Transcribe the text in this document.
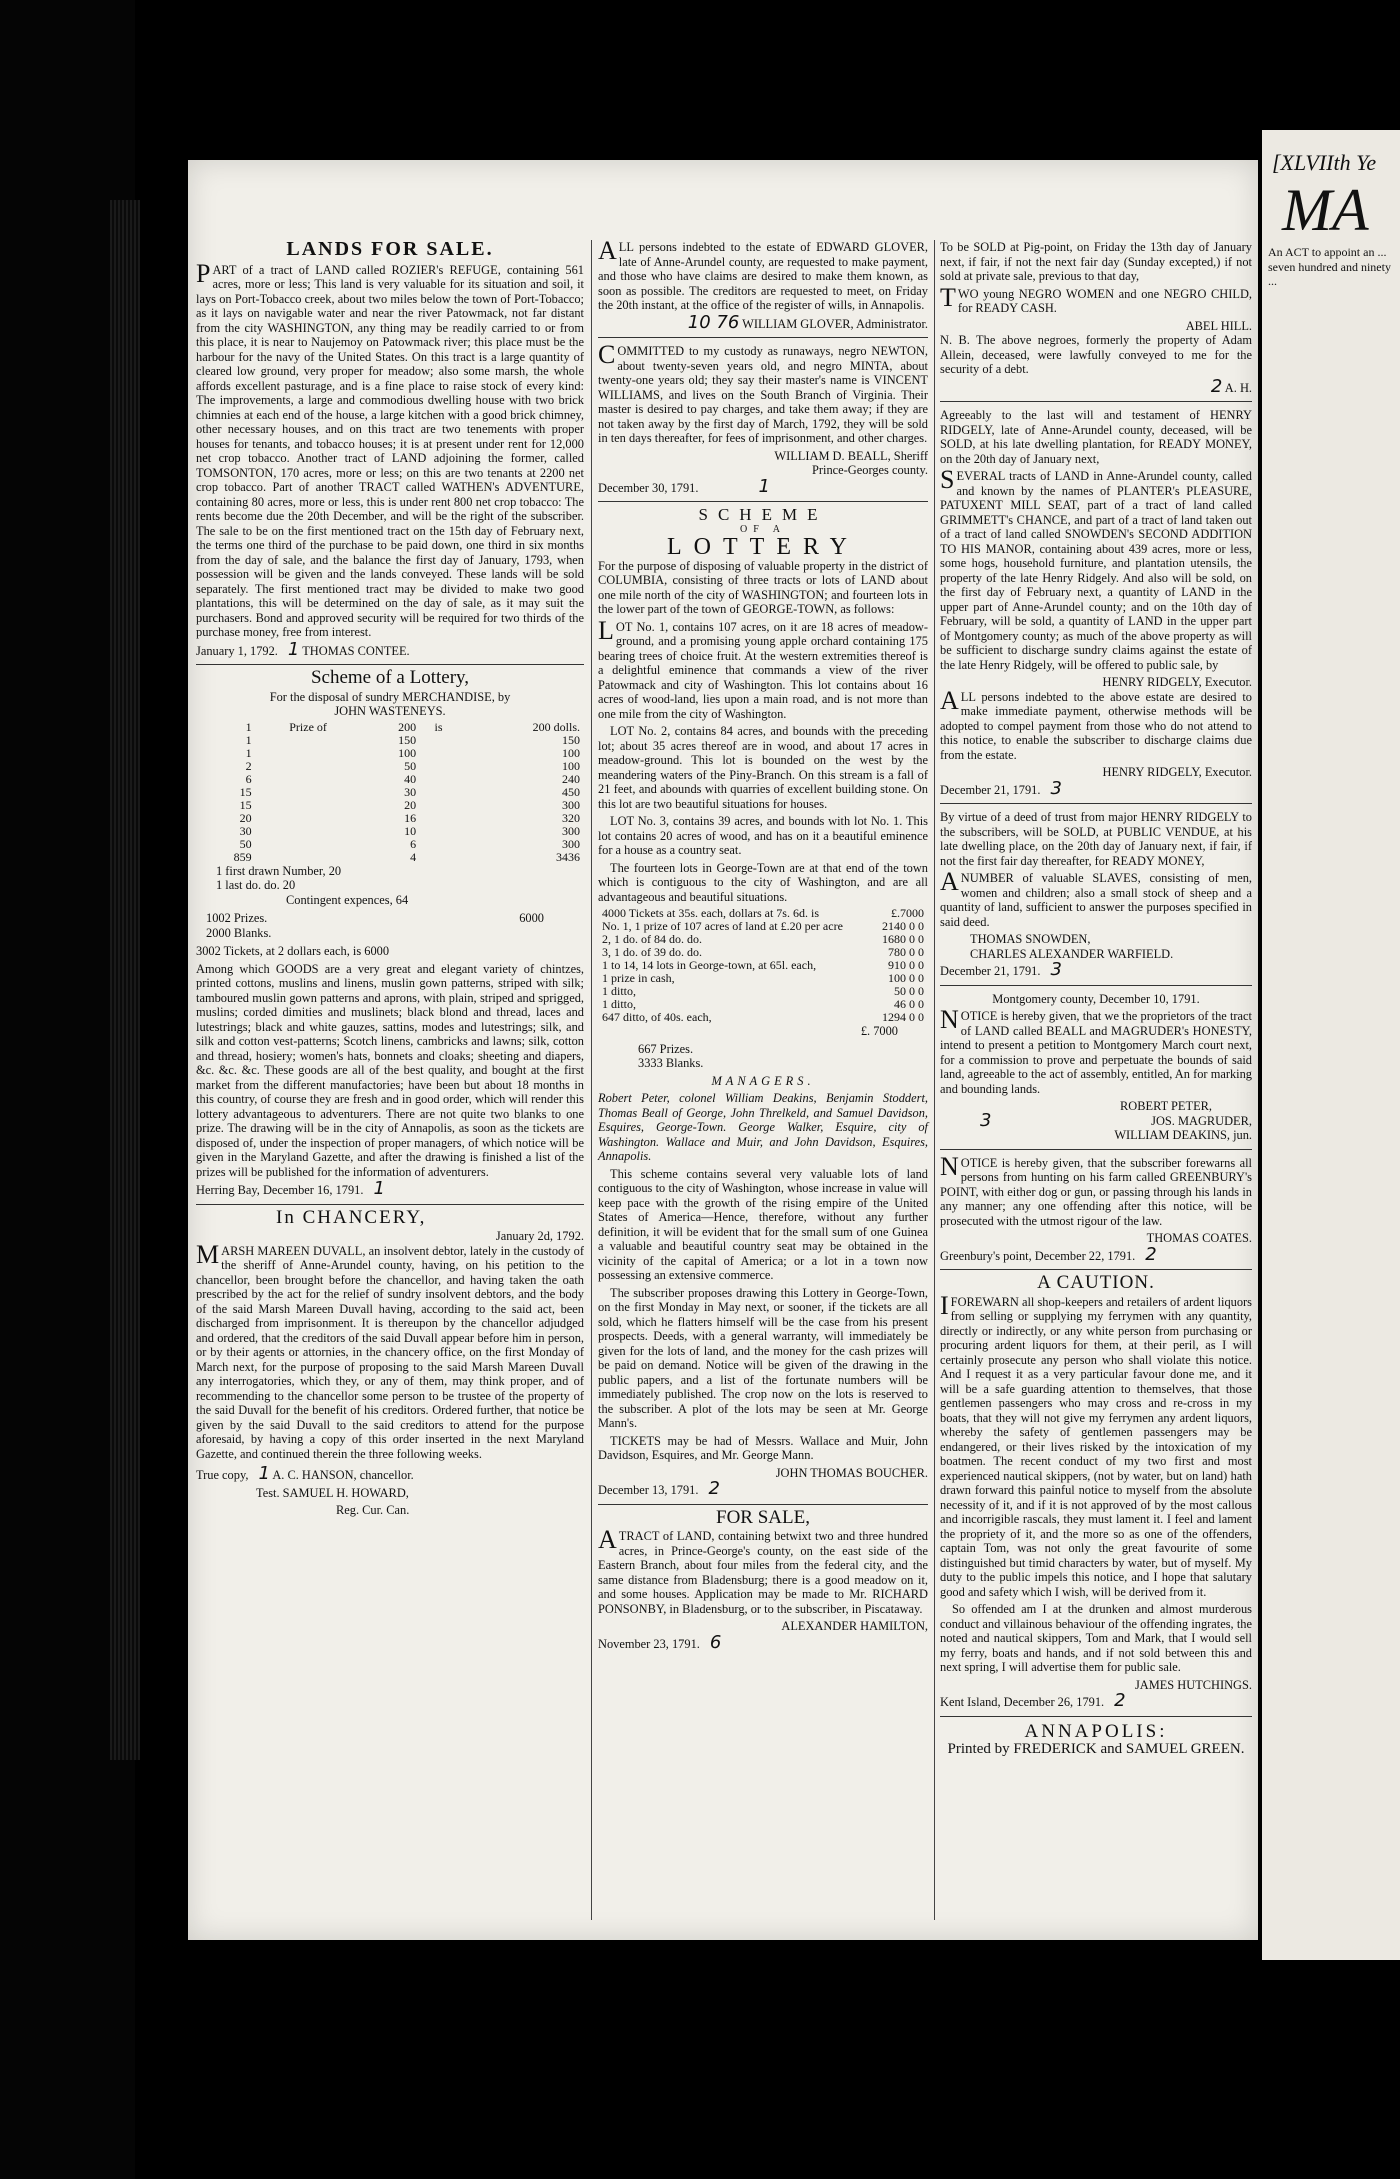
LANDS FOR SALE.

PART of a tract of LAND called ROZIER's REFUGE, containing 561 acres, more or less; This land is very valuable for its situation and soil, it lays on Port-Tobacco creek, about two miles below the town of Port-Tobacco; as it lays on navigable water and near the river Patowmack, not far distant from the city WASHINGTON, any thing may be readily carried to or from this place, it is near to Naujemoy on Patowmack river; this place must be the harbour for the navy of the United States. On this tract is a large quantity of cleared low ground, very proper for meadow; also some marsh, the whole affords excellent pasturage, and is a fine place to raise stock of every kind: The improvements, a large and commodious dwelling house with two brick chimnies at each end of the house, a large kitchen with a good brick chimney, other necessary houses, and on this tract are two tenements with proper houses for tenants, and tobacco houses; it is at present under rent for 12,000 net crop tobacco. Another tract of LAND adjoining the former, called TOMSONTON, 170 acres, more or less; on this are two tenants at 2200 net crop tobacco. Part of another TRACT called WATHEN's ADVENTURE, containing 80 acres, more or less, this is under rent 800 net crop tobacco: The rents become due the 20th December, and will be the right of the subscriber. The sale to be on the first mentioned tract on the 15th day of February next, the terms one third of the purchase to be paid down, one third in six months from the day of sale, and the balance the first day of January, 1793, when possession will be given and the lands conveyed. These lands will be sold separately. The first mentioned tract may be divided to make two good plantations, this will be determined on the day of sale, as it may suit the purchasers. Bond and approved security will be required for two thirds of the purchase money, free from interest.

January 1, 1792. 1 THOMAS CONTEE.

Scheme of a Lottery,

For the disposal of sundry MERCHANDISE, by

JOHN WASTENEYS.

1	Prize of	200	is	200 dolls.
1		150		150
1		100		100
2		50		100
6		40		240
15		30		450
15		20		300
20		16		320
30		10		300
50		6		300
859		4		3436

1 first drawn Number, 20

1 last do. do. 20

Contingent expences, 64

1002 Prizes.	6000

2000 Blanks.

3002 Tickets, at 2 dollars each, is 6000

Among which GOODS are a very great and elegant variety of chintzes, printed cottons, muslins and linens, muslin gown patterns, striped with silk; tamboured muslin gown patterns and aprons, with plain, striped and sprigged, muslins; corded dimities and muslinets; black blond and thread, laces and lutestrings; black and white gauzes, sattins, modes and lutestrings; silk, and silk and cotton vest-patterns; Scotch linens, cambricks and lawns; silk, cotton and thread, hosiery; women's hats, bonnets and cloaks; sheeting and diapers, &c. &c. &c. These goods are all of the best quality, and bought at the first market from the different manufactories; have been but about 18 months in this country, of course they are fresh and in good order, which will render this lottery advantageous to adventurers. There are not quite two blanks to one prize. The drawing will be in the city of Annapolis, as soon as the tickets are disposed of, under the inspection of proper managers, of which notice will be given in the Maryland Gazette, and after the drawing is finished a list of the prizes will be published for the information of adventurers.

Herring Bay, December 16, 1791. 1

In CHANCERY,

January 2d, 1792.

MARSH MAREEN DUVALL, an insolvent debtor, lately in the custody of the sheriff of Anne-Arundel county, having, on his petition to the chancellor, been brought before the chancellor, and having taken the oath prescribed by the act for the relief of sundry insolvent debtors, and the body of the said Marsh Mareen Duvall having, according to the said act, been discharged from imprisonment. It is thereupon by the chancellor adjudged and ordered, that the creditors of the said Duvall appear before him in person, or by their agents or attornies, in the chancery office, on the first Monday of March next, for the purpose of proposing to the said Marsh Mareen Duvall any interrogatories, which they, or any of them, may think proper, and of recommending to the chancellor some person to be trustee of the property of the said Duvall for the benefit of his creditors. Ordered further, that notice be given by the said Duvall to the said creditors to attend for the purpose aforesaid, by having a copy of this order inserted in the next Maryland Gazette, and continued therein the three following weeks.

True copy, 1 A. C. HANSON, chancellor.

Test. SAMUEL H. HOWARD,

Reg. Cur. Can.

ALL persons indebted to the estate of EDWARD GLOVER, late of Anne-Arundel county, are requested to make payment, and those who have claims are desired to make them known, as soon as possible. The creditors are requested to meet, on Friday the 20th instant, at the office of the register of wills, in Annapolis.

10 76 WILLIAM GLOVER, Administrator.

COMMITTED to my custody as runaways, negro NEWTON, about twenty-seven years old, and negro MINTA, about twenty-one years old; they say their master's name is VINCENT WILLIAMS, and lives on the South Branch of Virginia. Their master is desired to pay charges, and take them away; if they are not taken away by the first day of March, 1792, they will be sold in ten days thereafter, for fees of imprisonment, and other charges.

WILLIAM D. BEALL, Sheriff

Prince-Georges county.

December 30, 1791.	1

SCHEME

OF A

LOTTERY

For the purpose of disposing of valuable property in the district of COLUMBIA, consisting of three tracts or lots of LAND about one mile north of the city of WASHINGTON; and fourteen lots in the lower part of the town of GEORGE-TOWN, as follows:

LOT No. 1, contains 107 acres, on it are 18 acres of meadow-ground, and a promising young apple orchard containing 175 bearing trees of choice fruit. At the western extremities thereof is a delightful eminence that commands a view of the river Patowmack and city of Washington. This lot contains about 16 acres of wood-land, lies upon a main road, and is not more than one mile from the city of Washington.

LOT No. 2, contains 84 acres, and bounds with the preceding lot; about 35 acres thereof are in wood, and about 17 acres in meadow-ground. This lot is bounded on the west by the meandering waters of the Piny-Branch. On this stream is a fall of 21 feet, and abounds with quarries of excellent building stone. On this lot are two beautiful situations for houses.

LOT No. 3, contains 39 acres, and bounds with lot No. 1. This lot contains 20 acres of wood, and has on it a beautiful eminence for a house as a country seat.

The fourteen lots in George-Town are at that end of the town which is contiguous to the city of Washington, and are all advantageous and beautiful situations.

4000 Tickets at 35s. each, dollars at 7s. 6d. is	£.7000
No. 1, 1 prize of 107 acres of land at £.20 per acre	2140 0 0
2, 1 do. of 84 do. do.	1680 0 0
3, 1 do. of 39 do. do.	780 0 0
1 to 14, 14 lots in George-town, at 65l. each,	910 0 0
1 prize in cash,	100 0 0
1 ditto,	50 0 0
1 ditto,	46 0 0
647 ditto, of 40s. each,	1294 0 0

£. 7000

667 Prizes.

3333 Blanks.

MANAGERS.

Robert Peter, colonel William Deakins, Benjamin Stoddert, Thomas Beall of George, John Threlkeld, and Samuel Davidson, Esquires, George-Town. George Walker, Esquire, city of Washington. Wallace and Muir, and John Davidson, Esquires, Annapolis.

This scheme contains several very valuable lots of land contiguous to the city of Washington, whose increase in value will keep pace with the growth of the rising empire of the United States of America—Hence, therefore, without any further definition, it will be evident that for the small sum of one Guinea a valuable and beautiful country seat may be obtained in the vicinity of the capital of America; or a lot in a town now possessing an extensive commerce.

The subscriber proposes drawing this Lottery in George-Town, on the first Monday in May next, or sooner, if the tickets are all sold, which he flatters himself will be the case from his present prospects. Deeds, with a general warranty, will immediately be given for the lots of land, and the money for the cash prizes will be paid on demand. Notice will be given of the drawing in the public papers, and a list of the fortunate numbers will be immediately published. The crop now on the lots is reserved to the subscriber. A plot of the lots may be seen at Mr. George Mann's.

TICKETS may be had of Messrs. Wallace and Muir, John Davidson, Esquires, and Mr. George Mann.

JOHN THOMAS BOUCHER.

December 13, 1791. 2

FOR SALE,

ATRACT of LAND, containing betwixt two and three hundred acres, in Prince-George's county, on the east side of the Eastern Branch, about four miles from the federal city, and the same distance from Bladensburg; there is a good meadow on it, and some houses. Application may be made to Mr. RICHARD PONSONBY, in Bladensburg, or to the subscriber, in Piscataway.

ALEXANDER HAMILTON,

November 23, 1791. 6

To be SOLD at Pig-point, on Friday the 13th day of January next, if fair, if not the next fair day (Sunday excepted,) if not sold at private sale, previous to that day,

TWO young NEGRO WOMEN and one NEGRO CHILD, for READY CASH.

ABEL HILL.

N. B. The above negroes, formerly the property of Adam Allein, deceased, were lawfully conveyed to me for the security of a debt.

2 A. H.

Agreeably to the last will and testament of HENRY RIDGELY, late of Anne-Arundel county, deceased, will be SOLD, at his late dwelling plantation, for READY MONEY, on the 20th day of January next,

SEVERAL tracts of LAND in Anne-Arundel county, called and known by the names of PLANTER's PLEASURE, PATUXENT MILL SEAT, part of a tract of land called GRIMMETT's CHANCE, and part of a tract of land taken out of a tract of land called SNOWDEN's SECOND ADDITION TO HIS MANOR, containing about 439 acres, more or less, some hogs, household furniture, and plantation utensils, the property of the late Henry Ridgely. And also will be sold, on the first day of February next, a quantity of LAND in the upper part of Anne-Arundel county; and on the 10th day of February, will be sold, a quantity of LAND in the upper part of Montgomery county; as much of the above property as will be sufficient to discharge sundry claims against the estate of the late Henry Ridgely, will be offered to public sale, by

HENRY RIDGELY, Executor.

ALL persons indebted to the above estate are desired to make immediate payment, otherwise methods will be adopted to compel payment from those who do not attend to this notice, to enable the subscriber to discharge claims due from the estate.

HENRY RIDGELY, Executor.

December 21, 1791. 3

By virtue of a deed of trust from major HENRY RIDGELY to the subscribers, will be SOLD, at PUBLIC VENDUE, at his late dwelling place, on the 20th day of January next, if fair, if not the first fair day thereafter, for READY MONEY,

ANUMBER of valuable SLAVES, consisting of men, women and children; also a small stock of sheep and a quantity of land, sufficient to answer the purposes specified in said deed.

THOMAS SNOWDEN,

CHARLES ALEXANDER WARFIELD.

December 21, 1791. 3

Montgomery county, December 10, 1791.

NOTICE is hereby given, that we the proprietors of the tract of LAND called BEALL and MAGRUDER's HONESTY, intend to present a petition to Montgomery March court next, for a commission to prove and perpetuate the bounds of said land, agreeable to the act of assembly, entitled, An for marking and bounding lands.

ROBERT PETER,

3	JOS. MAGRUDER,

WILLIAM DEAKINS, jun.

NOTICE is hereby given, that the subscriber forewarns all persons from hunting on his farm called GREENBURY's POINT, with either dog or gun, or passing through his lands in any manner; any one offending after this notice, will be prosecuted with the utmost rigour of the law.

THOMAS COATES.

Greenbury's point, December 22, 1791. 2

A CAUTION.

IFOREWARN all shop-keepers and retailers of ardent liquors from selling or supplying my ferrymen with any quantity, directly or indirectly, or any white person from purchasing or procuring ardent liquors for them, at their peril, as I will certainly prosecute any person who shall violate this notice. And I request it as a very particular favour done me, and it will be a safe guarding attention to themselves, that those gentlemen passengers who may cross and re-cross in my boats, that they will not give my ferrymen any ardent liquors, whereby the safety of gentlemen passengers may be endangered, or their lives risked by the intoxication of my boatmen. The recent conduct of my two first and most experienced nautical skippers, (not by water, but on land) hath drawn forward this painful notice to myself from the absolute necessity of it, and if it is not approved of by the most callous and incorrigible rascals, they must lament it. I feel and lament the propriety of it, and the more so as one of the offenders, captain Tom, was not only the great favourite of some distinguished but timid characters by water, but of myself. My duty to the public impels this notice, and I hope that salutary good and safety which I wish, will be derived from it.

So offended am I at the drunken and almost murderous conduct and villainous behaviour of the offending ingrates, the noted and nautical skippers, Tom and Mark, that I would sell my ferry, boats and hands, and if not sold between this and next spring, I will advertise them for public sale.

JAMES HUTCHINGS.

Kent Island, December 26, 1791. 2

ANNAPOLIS:

Printed by FREDERICK and SAMUEL GREEN.

[XLVIIth Ye
MA
An ACT to appoint an ... seven hundred and ninety ...
